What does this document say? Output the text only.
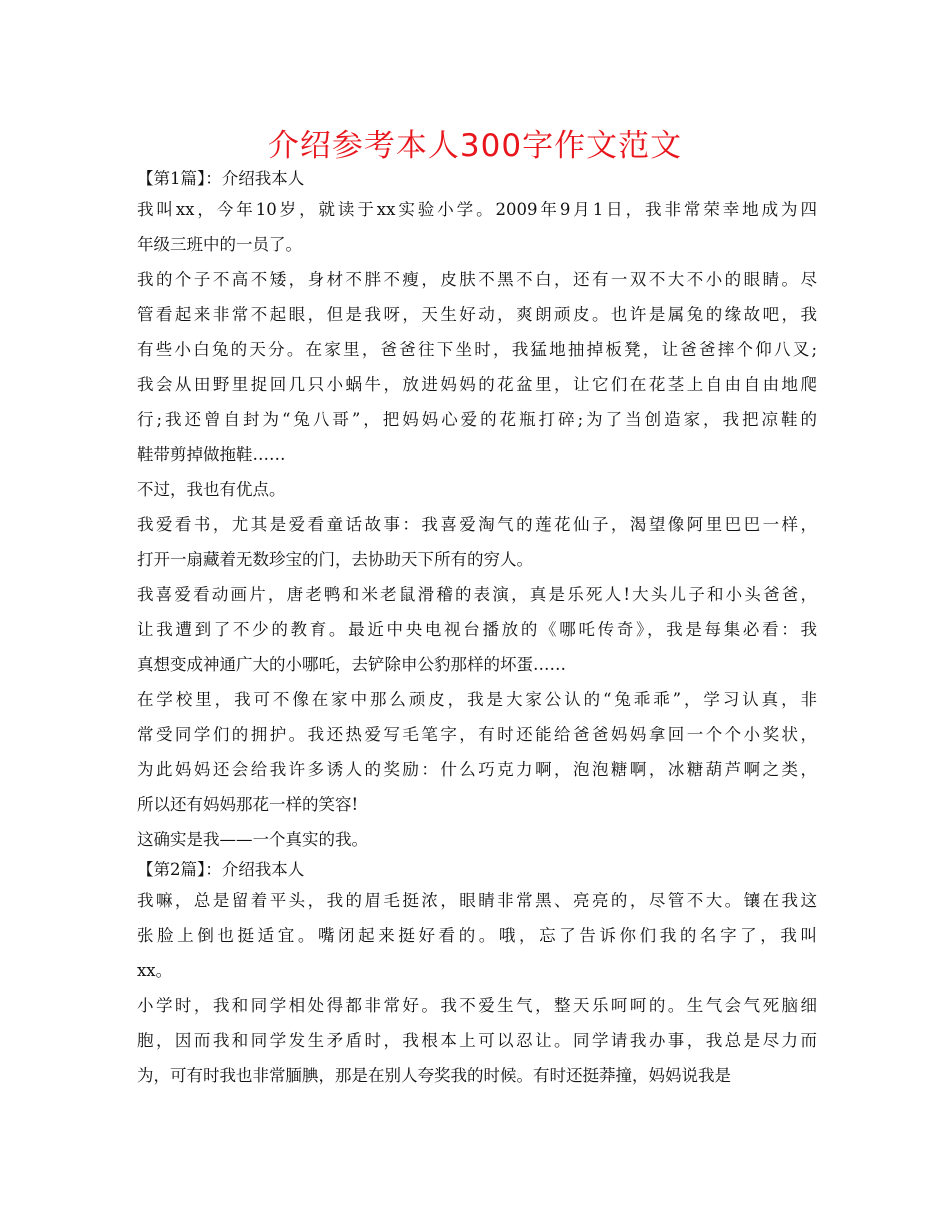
介绍参考本人300字作文范文
【第1篇】：介绍我本人
我叫xx，今年10岁，就读于xx实验小学。2009年9月1日，我非常荣幸地成为四
年级三班中的一员了。
我的个子不高不矮，身材不胖不瘦，皮肤不黑不白，还有一双不大不小的眼睛。尽
管看起来非常不起眼，但是我呀，天生好动，爽朗顽皮。也许是属兔的缘故吧，我
有些小白兔的天分。在家里，爸爸往下坐时，我猛地抽掉板凳，让爸爸摔个仰八叉;
我会从田野里捉回几只小蜗牛，放进妈妈的花盆里，让它们在花茎上自由自由地爬
行;我还曾自封为“兔八哥”，把妈妈心爱的花瓶打碎;为了当创造家，我把凉鞋的
鞋带剪掉做拖鞋……
不过，我也有优点。
我爱看书，尤其是爱看童话故事：我喜爱淘气的莲花仙子，渴望像阿里巴巴一样，
打开一扇藏着无数珍宝的门，去协助天下所有的穷人。
我喜爱看动画片，唐老鸭和米老鼠滑稽的表演，真是乐死人!大头儿子和小头爸爸，
让我遭到了不少的教育。最近中央电视台播放的《哪吒传奇》，我是每集必看：我
真想变成神通广大的小哪吒，去铲除申公豹那样的坏蛋……
在学校里，我可不像在家中那么顽皮，我是大家公认的“兔乖乖”，学习认真，非
常受同学们的拥护。我还热爱写毛笔字，有时还能给爸爸妈妈拿回一个个小奖状，
为此妈妈还会给我许多诱人的奖励：什么巧克力啊，泡泡糖啊，冰糖葫芦啊之类，
所以还有妈妈那花一样的笑容!
这确实是我——一个真实的我。
【第2篇】：介绍我本人
我嘛，总是留着平头，我的眉毛挺浓，眼睛非常黑、亮亮的，尽管不大。镶在我这
张脸上倒也挺适宜。嘴闭起来挺好看的。哦，忘了告诉你们我的名字了，我叫
xx。
小学时，我和同学相处得都非常好。我不爱生气，整天乐呵呵的。生气会气死脑细
胞，因而我和同学发生矛盾时，我根本上可以忍让。同学请我办事，我总是尽力而
为，可有时我也非常腼腆，那是在别人夸奖我的时候。有时还挺莽撞，妈妈说我是
